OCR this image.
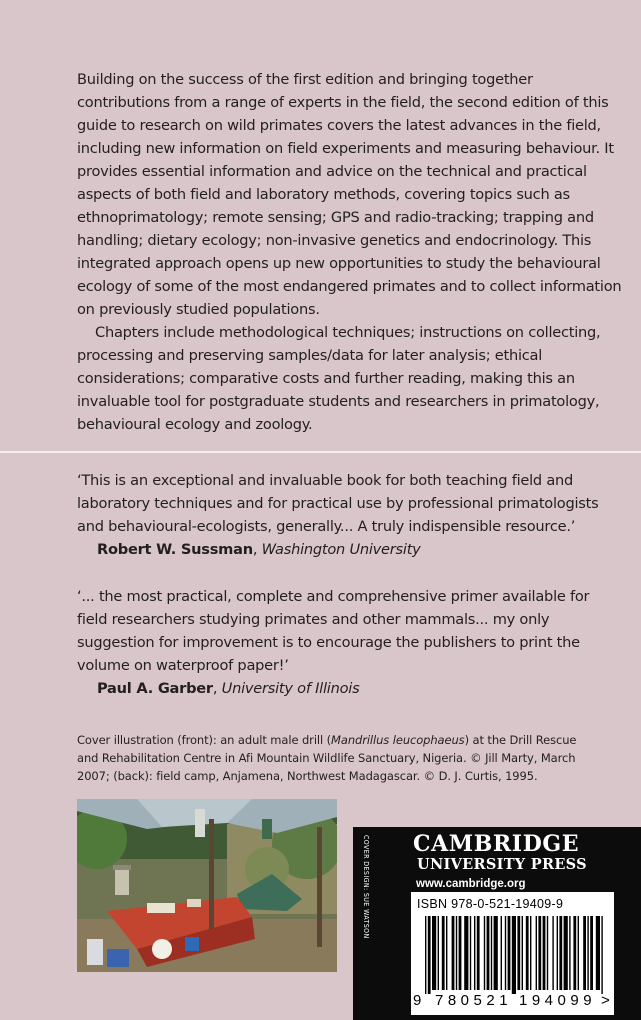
Building on the success of the first edition and bringing together contributions from a range of experts in the field, the second edition of this guide to research on wild primates covers the latest advances in the field, including new information on field experiments and measuring behaviour. It provides essential information and advice on the technical and practical aspects of both field and laboratory methods, covering topics such as ethnoprimatology; remote sensing; GPS and radio-tracking; trapping and handling; dietary ecology; non-invasive genetics and endocrinology. This integrated approach opens up new opportunities to study the behavioural ecology of some of the most endangered primates and to collect information on previously studied populations.

Chapters include methodological techniques; instructions on collecting, processing and preserving samples/data for later analysis; ethical considerations; comparative costs and further reading, making this an invaluable tool for postgraduate students and researchers in primatology, behavioural ecology and zoology.

‘This is an exceptional and invaluable book for both teaching field and laboratory techniques and for practical use by professional primatologists and behavioural-ecologists, generally... A truly indispensible resource.’

Robert W. Sussman, Washington University

‘... the most practical, complete and comprehensive primer available for field researchers studying primates and other mammals... my only suggestion for improvement is to encourage the publishers to print the volume on waterproof paper!’

Paul A. Garber, University of Illinois

Cover illustration (front): an adult male drill (Mandrillus leucophaeus) at the Drill Rescue and Rehabilitation Centre in Afi Mountain Wildlife Sanctuary, Nigeria. © Jill Marty, March 2007; (back): field camp, Anjamena, Northwest Madagascar. © D. J. Curtis, 1995.
COVER DESIGN: SUE WATSON CAMBRIDGE
UNIVERSITY PRESS
www.cambridge.org
ISBN 978-0-521-19409-9
9 780521 194099 >
